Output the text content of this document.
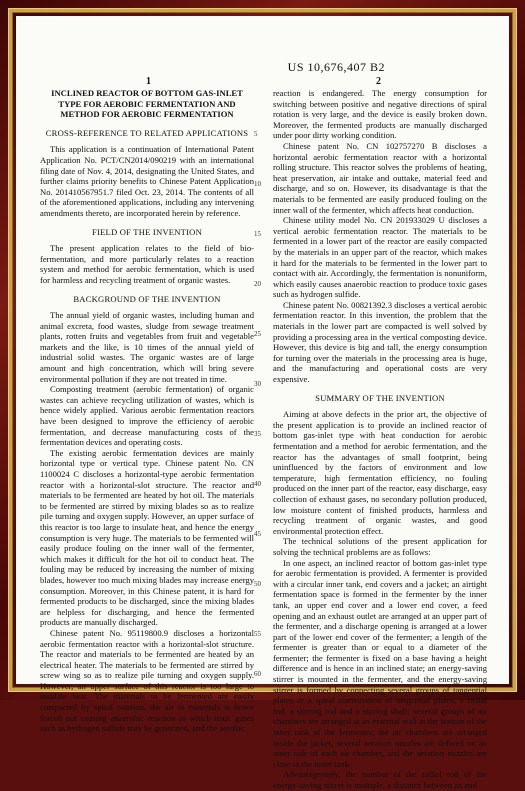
US 10,676,407 B2
1	2
5
10
15
20
25
30
35
40
45
50
55
60

INCLINED REACTOR OF BOTTOM GAS-INLET TYPE FOR AEROBIC FERMENTATION AND METHOD FOR AEROBIC FERMENTATION

CROSS-REFERENCE TO RELATED APPLICATIONS

This application is a continuation of International Patent Application No. PCT/CN2014/090219 with an international filing date of Nov. 4, 2014, designating the United States, and further claims priority benefits to Chinese Patent Application No. 201410567951.7 filed Oct. 23, 2014. The contents of all of the aforementioned applications, including any intervening amendments thereto, are incorporated herein by reference.

FIELD OF THE INVENTION

The present application relates to the field of bio-fermentation, and more particularly relates to a reaction system and method for aerobic fermentation, which is used for harmless and recycling treatment of organic wastes.

BACKGROUND OF THE INVENTION

The annual yield of organic wastes, including human and animal excreta, food wastes, sludge from sewage treatment plants, rotten fruits and vegetables from fruit and vegetable markets and the like, is 10 times of the annual yield of industrial solid wastes. The organic wastes are of large amount and high concentration, which will bring severe environmental pollution if they are not treated in time.

Composting treatment (aerobic fermentation) of organic wastes can achieve recycling utilization of wastes, which is hence widely applied. Various aerobic fermentation reactors have been designed to improve the efficiency of aerobic fermentation, and decrease manufacturing costs of the fermentation devices and operating costs.

The existing aerobic fermentation devices are mainly horizontal type or vertical type. Chinese patent No. CN 1100024 C discloses a horizontal-type aerobic fermentation reactor with a horizontal-slot structure. The reactor and materials to be fermented are heated by hot oil. The materials to be fermented are stirred by mixing blades so as to realize pile turning and oxygen supply. However, an upper surface of this reactor is too large to insulate heat, and hence the energy consumption is very huge. The materials to be fermented will easily produce fouling on the inner wall of the fermenter, which makes it difficult for the hot oil to conduct heat. The fouling may be reduced by increasing the number of mixing blades, however too much mixing blades may increase energy consumption. Moreover, in this Chinese patent, it is hard for fermented products to be discharged, since the mixing blades are helpless for discharging, and hence the fermented products are manually discharged.

Chinese patent No. 95119800.9 discloses a horizontal aerobic fermentation reactor with a horizontal-slot structure. The reactor and materials to be fermented are heated by an electrical heater. The materials to be fermented are stirred by screw wing so as to realize pile turning and oxygen supply. However, an upper surface of this reactor is too large to insulate heat. The materials to be fermented are easily compacted by spiral rotation, the air in materials is hence forced out causing anaerobic reaction in which toxic gases such as hydrogen sulfide may be generated, and the aerobic

reaction is endangered. The energy consumption for switching between positive and negative directions of spiral rotation is very large, and the device is easily broken down. Moreover, the fermented products are manually discharged under poor dirty working condition.

Chinese patent No. CN 102757270 B discloses a horizontal aerobic fermentation reactor with a horizontal rolling structure. This reactor solves the problems of heating, heat preservation, air intake and outtake, material feed and discharge, and so on. However, its disadvantage is that the materials to be fermented are easily produced fouling on the inner wall of the fermenter, which affects heat conduction.

Chinese utility model No. CN 201933029 U discloses a vertical aerobic fermentation reactor. The materials to be fermented in a lower part of the reactor are easily compacted by the materials in an upper part of the reactor, which makes it hard for the materials to be fermented in the lower part to contact with air. Accordingly, the fermentation is nonuniform, which easily causes anaerobic reaction to produce toxic gases such as hydrogen sulfide.

Chinese patent No. 00821392.3 discloses a vertical aerobic fermentation reactor. In this invention, the problem that the materials in the lower part are compacted is well solved by providing a processing area in the vertical composting device. However, this device is big and tall, the energy consumption for turning over the materials in the processing area is huge, and the manufacturing and operational costs are very expensive.

SUMMARY OF THE INVENTION

Aiming at above defects in the prior art, the objective of the present application is to provide an inclined reactor of bottom gas-inlet type with heat conduction for aerobic fermentation and a method for aerobic fermentation, and the reactor has the advantages of small footprint, being uninfluenced by the factors of environment and low temperature, high fermentation efficiency, no fouling produced on the inner part of the reactor, easy discharge, easy collection of exhaust gases, no secondary pollution produced, low moisture content of finished products, harmless and recycling treatment of organic wastes, and good environmental protection effect.

The technical solutions of the present application for solving the technical problems are as follows:

In one aspect, an inclined reactor of bottom gas-inlet type for aerobic fermentation is provided. A fermenter is provided with a circular inner tank, end covers and a jacket; an airtight fermentation space is formed in the fermenter by the inner tank, an upper end cover and a lower end cover, a feed opening and an exhaust outlet are arranged at an upper part of the fermenter, and a discharge opening is arranged at a lower part of the lower end cover of the fermenter; a length of the fermenter is greater than or equal to a diameter of the fermenter; the fermenter is fixed on a base having a height difference and is hence in an inclined state; an energy-saving stirrer is mounted in the fermenter, and the energy-saving stirrer is formed by connecting several groups of tangential plates or a spiral combination of tangential plates, a radial rod, a stirring rod and a stirring shaft; several groups of air chambers are arranged at an external wall at the bottom of the inner tank of the fermenter, the air chambers are arranged inside the jacket, several aeration nozzles are defined on an inner side of each air chamber, and the aeration nozzles are close to the inner tank.

Advantageously, the number of the radial rod of the energy-saving stirrer is multiple, a distance between an end
